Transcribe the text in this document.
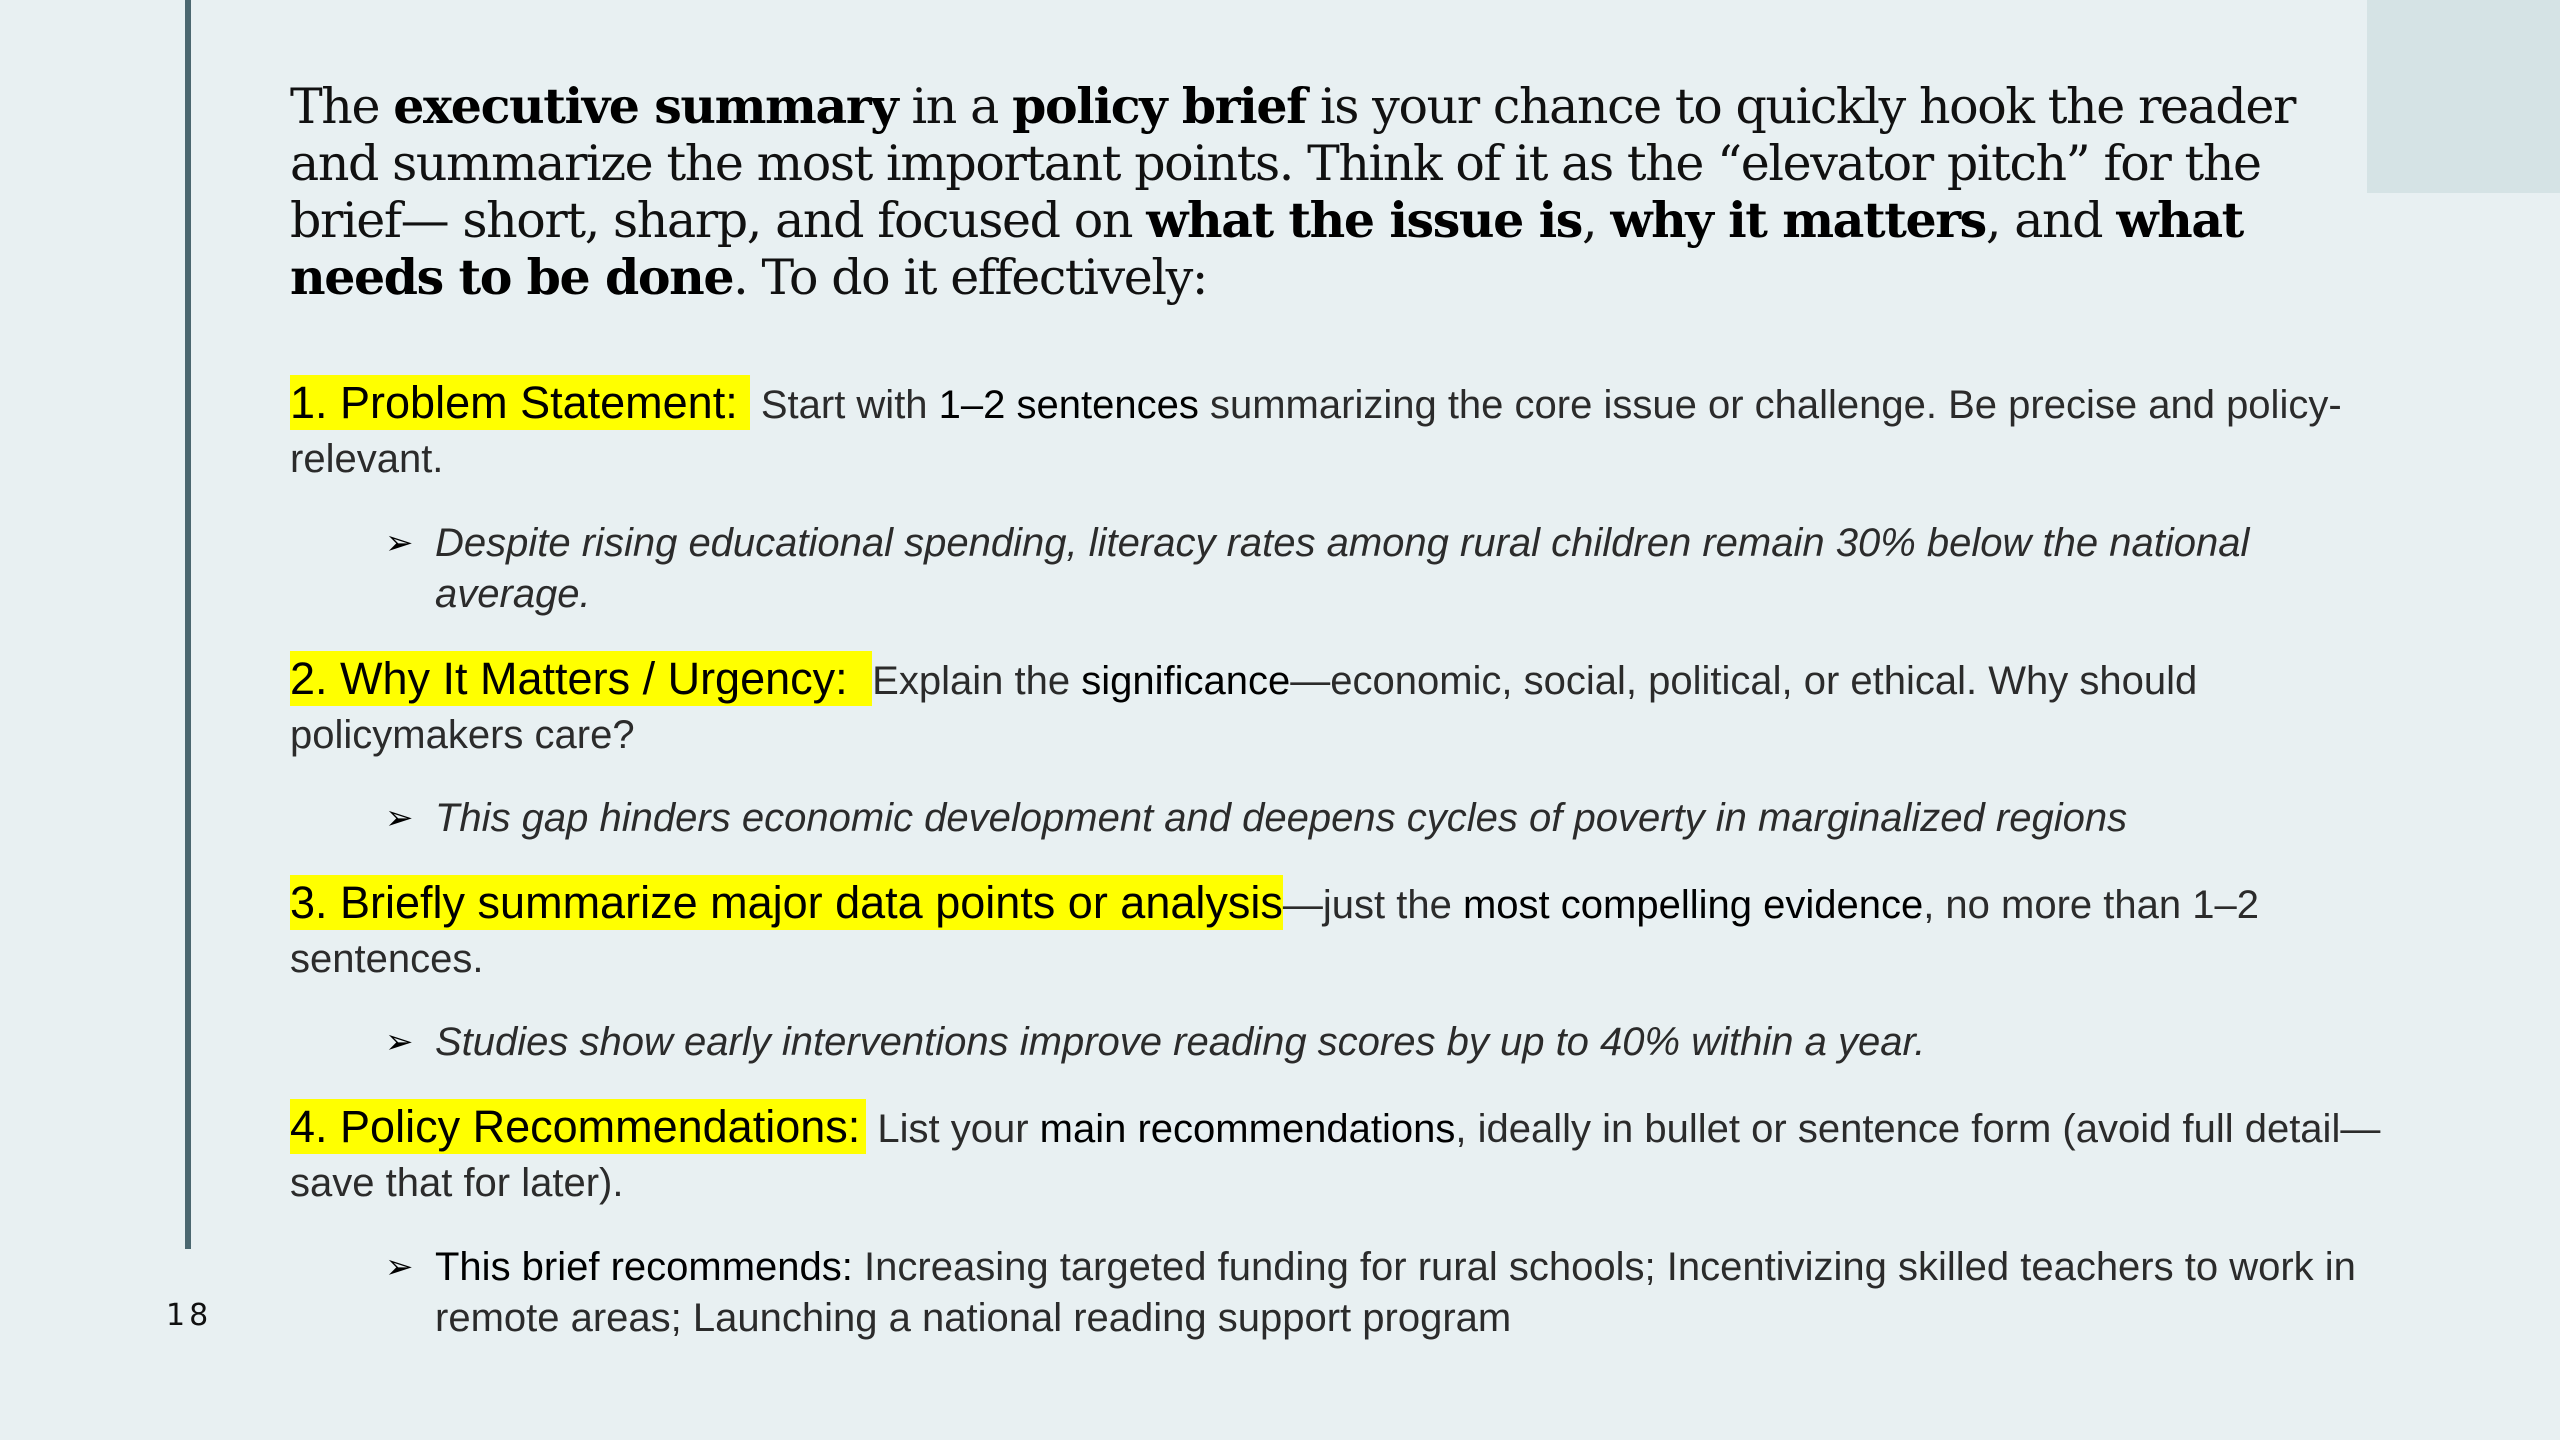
The executive summary in a policy brief is your chance to quickly hook the reader and summarize the most important points. Think of it as the “elevator pitch” for the brief— short, sharp, and focused on what the issue is, why it matters, and what needs to be done. To do it effectively:
1. Problem Statement: Start with 1–2 sentences summarizing the core issue or challenge. Be precise and policy-relevant.
➢ Despite rising educational spending, literacy rates among rural children remain 30% below the national average.
2. Why It Matters / Urgency: Explain the significance—economic, social, political, or ethical. Why should policymakers care?
➢ This gap hinders economic development and deepens cycles of poverty in marginalized regions
3. Briefly summarize major data points or analysis—just the most compelling evidence, no more than 1–2 sentences.
➢ Studies show early interventions improve reading scores by up to 40% within a year.
4. Policy Recommendations: List your main recommendations, ideally in bullet or sentence form (avoid full detail—save that for later).
➢ This brief recommends: Increasing targeted funding for rural schools; Incentivizing skilled teachers to work in remote areas; Launching a national reading support program
18
